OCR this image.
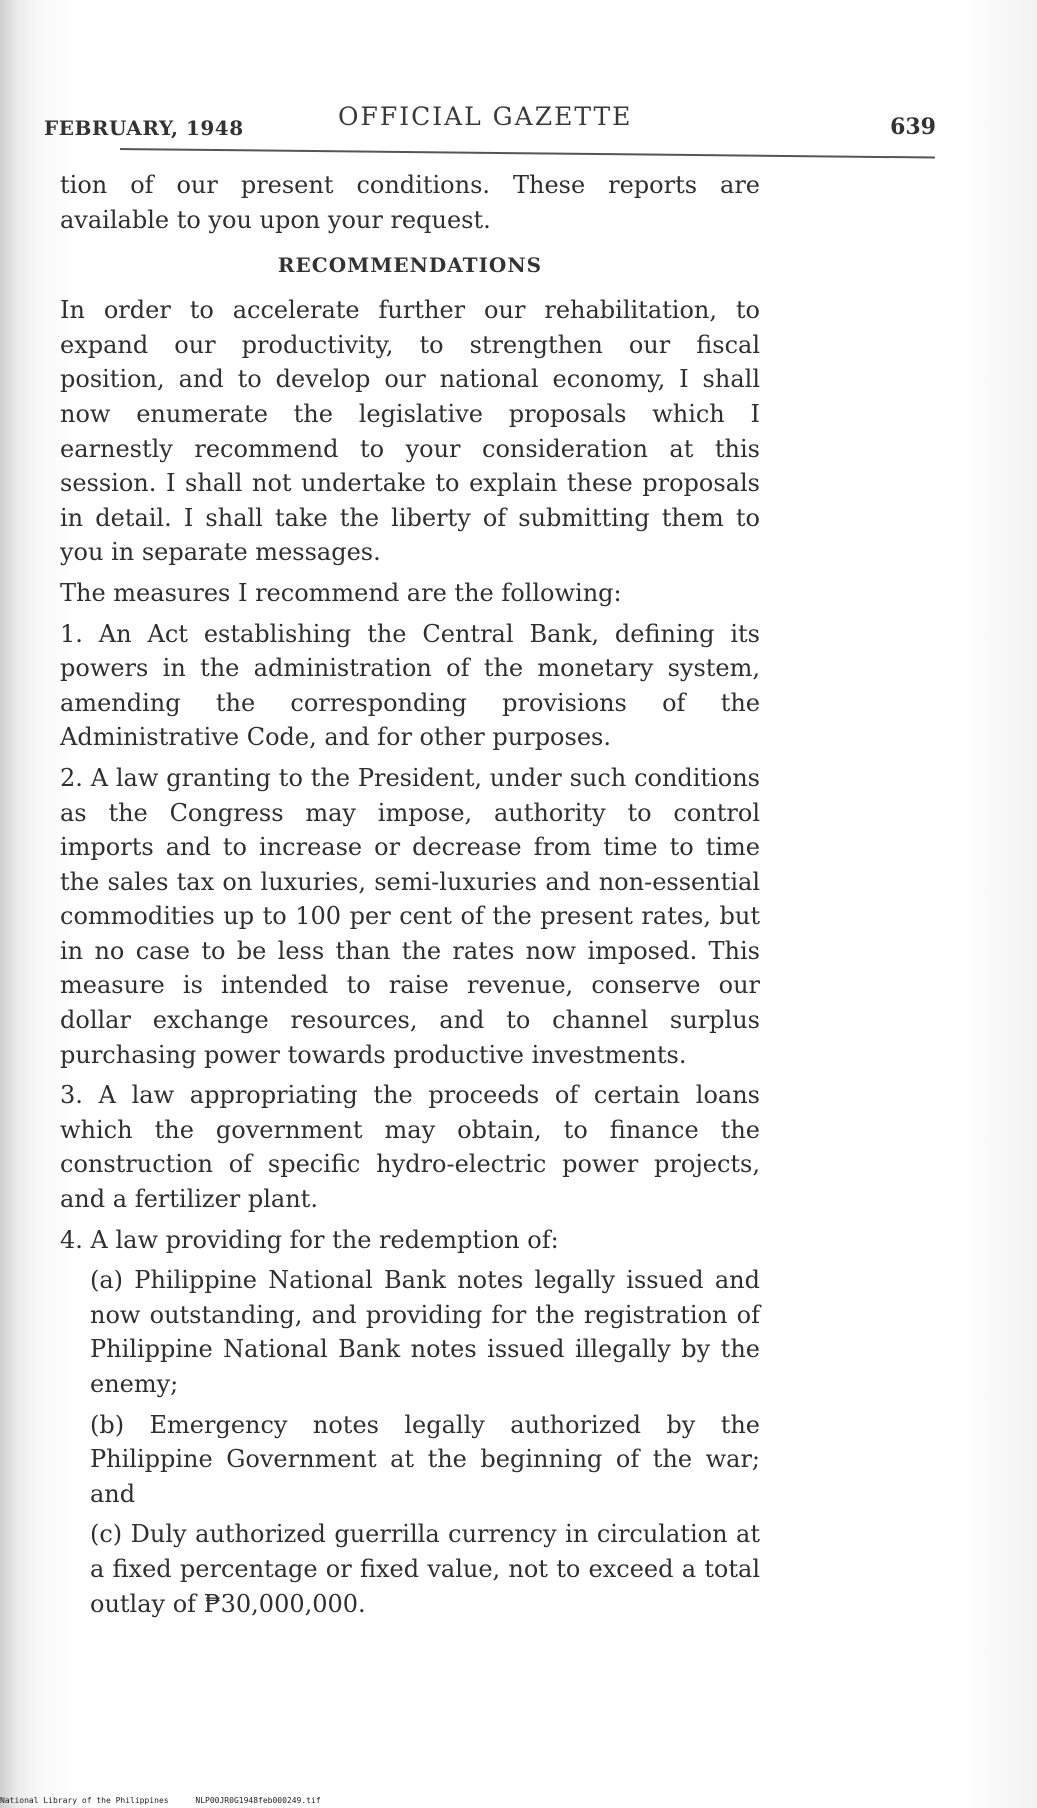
FEBRUARY, 1948	OFFICIAL GAZETTE	639

tion of our present conditions. These reports are available to you upon your request.

RECOMMENDATIONS

In order to accelerate further our rehabilitation, to expand our productivity, to strengthen our fiscal position, and to develop our national economy, I shall now enumerate the legislative proposals which I earnestly recommend to your consideration at this session. I shall not undertake to explain these proposals in detail. I shall take the liberty of submitting them to you in separate messages.

The measures I recommend are the following:

1. An Act establishing the Central Bank, defining its powers in the administration of the monetary system, amending the corresponding provisions of the Administrative Code, and for other purposes.

2. A law granting to the President, under such conditions as the Congress may impose, authority to control imports and to increase or decrease from time to time the sales tax on luxuries, semi-luxuries and non-essential commodities up to 100 per cent of the present rates, but in no case to be less than the rates now imposed. This measure is intended to raise revenue, conserve our dollar exchange resources, and to channel surplus purchasing power towards productive investments.

3. A law appropriating the proceeds of certain loans which the government may obtain, to finance the construction of specific hydro-electric power projects, and a fertilizer plant.

4. A law providing for the redemption of:

(a) Philippine National Bank notes legally issued and now outstanding, and providing for the registration of Philippine National Bank notes issued illegally by the enemy;

(b) Emergency notes legally authorized by the Philippine Government at the beginning of the war; and

(c) Duly authorized guerrilla currency in circulation at a fixed percentage or fixed value, not to exceed a total outlay of ₱30,000,000.

National Library of the Philippines	NLP00JR0G1948feb000249.tif
